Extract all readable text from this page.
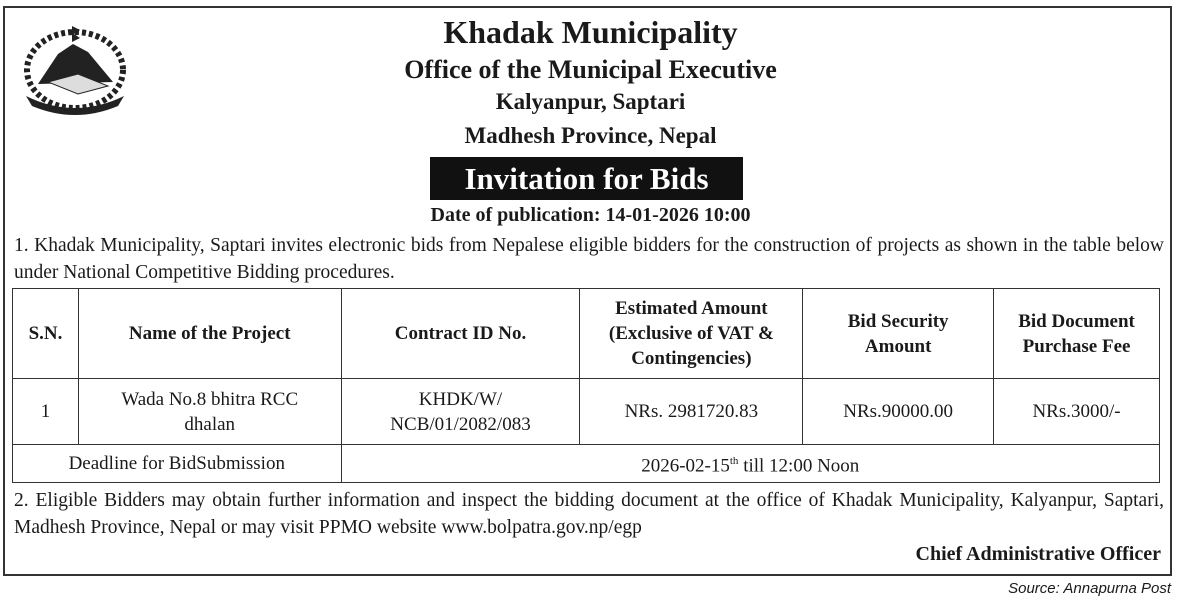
Khadak Municipality
Office of the Municipal Executive
Kalyanpur, Saptari
Madhesh Province, Nepal
Invitation for Bids
Date of publication: 14-01-2026 10:00
1. Khadak Municipality, Saptari invites electronic bids from Nepalese eligible bidders for the construction of projects as shown in the table below under National Competitive Bidding procedures.
S.N.	Name of the Project	Contract ID No.	Estimated Amount (Exclusive of VAT & Contingencies)	Bid Security Amount	Bid Document Purchase Fee
1	Wada No.8 bhitra RCC dhalan	KHDK/W/ NCB/01/2082/083	NRs. 2981720.83	NRs.90000.00	NRs.3000/-
Deadline for BidSubmission		2026-02-15th till 12:00 Noon			
2. Eligible Bidders may obtain further information and inspect the bidding document at the office of Khadak Municipality, Kalyanpur, Saptari, Madhesh Province, Nepal or may visit PPMO website www.bolpatra.gov.np/egp
Chief Administrative Officer
Source: Annapurna Post
